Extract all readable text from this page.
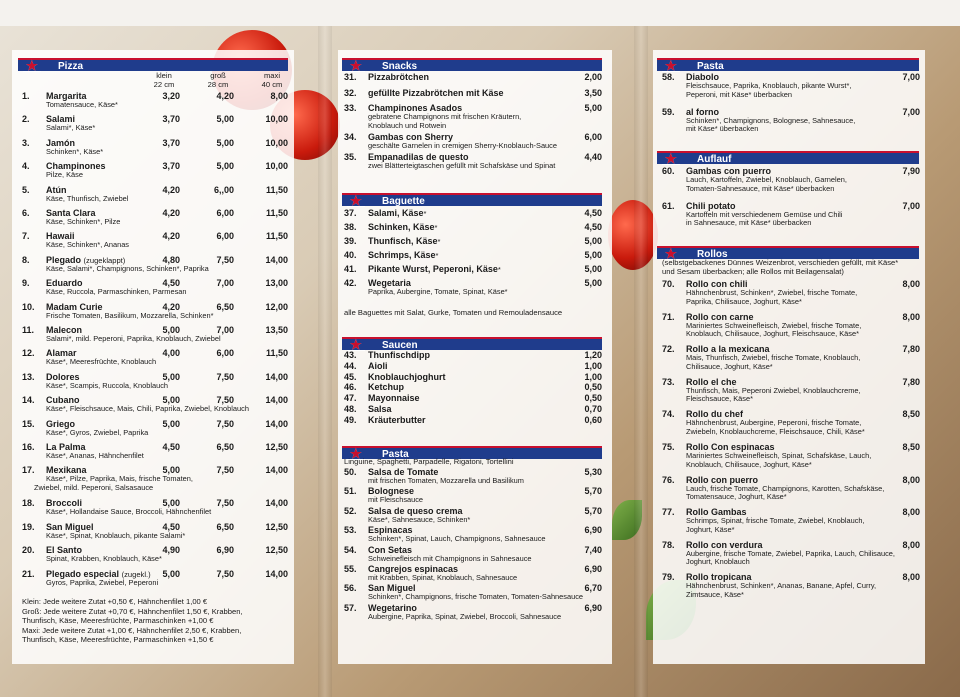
★ Pizza
klein
22 cm
groß
28 cm
maxi
40 cm
1. Margarita	3,20	4,20	8,00
Tomatensauce, Käse*
2. Salami	3,70	5,00	10,00
Salami*, Käse*
3. Jamón	3,70	5,00	10,00
Schinken*, Käse*
4. Champinones	3,70	5,00	10,00
Pilze, Käse
5. Atún	4,20	6,,00	11,50
Käse, Thunfisch, Zwiebel
6. Santa Clara	4,20	6,00	11,50
Käse, Schinken*, Pilze
7. Hawaii	4,20	6,00	11,50
Käse, Schinken*, Ananas
8. Plegado (zugeklappt)	4,80	7,50	14,00
Käse, Salami*, Champignons, Schinken*, Paprika
9. Eduardo	4,50	7,00	13,00
Käse, Ruccola, Parmaschinken, Parmesan
10. Madam Curie	4,20	6,50	12,00
Frische Tomaten, Basilikum, Mozzarella, Schinken*
11. Malecon	5,00	7,00	13,50
Salami*, mild. Peperoni, Paprika, Knoblauch, Zwiebel
12. Alamar	4,00	6,00	11,50
Käse*, Meeresfrüchte, Knoblauch
13. Dolores	5,00	7,50	14,00
Käse*, Scampis, Ruccola, Knoblauch
14. Cubano	5,00	7,50	14,00
Käse*, Fleischsauce, Mais, Chili, Paprika, Zwiebel, Knoblauch
15. Griego	5,00	7,50	14,00
Käse*, Gyros, Zwiebel, Paprika
16. La Palma	4,50	6,50	12,50
Käse*, Ananas, Hähnchenfilet
17. Mexikana	5,00	7,50	14,00
Käse*, Pilze, Paprika, Mais, frische Tomaten,
Zwiebel, mild. Peperoni, Salsasauce
18. Broccoli	5,00	7,50	14,00
Käse*, Hollandaise Sauce, Broccoli, Hähnchenfilet
19. San Miguel	4,50	6,50	12,50
Käse*, Spinat, Knoblauch, pikante Salami*
20. El Santo	4,90	6,90	12,50
Spinat, Krabben, Knoblauch, Käse*
21. Plegado especial (zugekl.)	5,00	7,50	14,00
Gyros, Paprika, Zwiebel, Peperoni
Klein: Jede weitere Zutat +0,50 €, Hähnchenfilet 1,00 €
Groß: Jede weitere Zutat +0,70 €, Hähnchenfilet 1,50 €, Krabben,
Thunfisch, Käse, Meeresfrüchte, Parmaschinken +1,00 €
Maxi: Jede weitere Zutat +1,00 €, Hähnchenfilet 2,50 €, Krabben,
Thunfisch, Käse, Meeresfrüchte, Parmaschinken +1,50 €
★ Snacks
31. Pizzabrötchen	2,00
32. gefüllte Pizzabrötchen mit Käse	3,50
33. Champinones Asados	5,00
gebratene Champignons mit frischen Kräutern,
Knoblauch und Rotwein
34. Gambas con Sherry	6,00
geschälte Garnelen in cremigen Sherry-Knoblauch-Sauce
35. Empanadilas de questo	4,40
zwei Blätterteigtaschen gefüllt mit Schafskäse und Spinat
★ Baguette
37. Salami, Käse*	4,50
38. Schinken, Käse*	4,50
39. Thunfisch, Käse*	5,00
40. Schrimps, Käse*	5,00
41. Pikante Wurst, Peperoni, Käse*	5,00
42. Wegetaria	5,00
Paprika, Aubergine, Tomate, Spinat, Käse*
alle Baguettes mit Salat, Gurke, Tomaten und Remouladensauce
★ Saucen
43. Thunfischdipp	1,20
44. Aioli	1,00
45. Knoblauchjoghurt	1,00
46. Ketchup	0,50
47. Mayonnaise	0,50
48. Salsa	0,70
49. Kräuterbutter	0,60
★ Pasta
Linguine, Spaghetti, Parpadelle, Rigatoni, Tortellini
50. Salsa de Tomate	5,30
mit frischen Tomaten, Mozzarella und Basilikum
51. Bolognese	5,70
mit Fleischsauce
52. Salsa de queso crema	5,70
Käse*, Sahnesauce, Schinken*
53. Espinacas	6,90
Schinken*, Spinat, Lauch, Champignons, Sahnesauce
54. Con Setas	7,40
Schweinefleisch mit Champignons in Sahnesauce
55. Cangrejos espinacas	6,90
mit Krabben, Spinat, Knoblauch, Sahnesauce
56. San Miguel	6,70
Schinken*, Champignons, frische Tomaten, Tomaten-Sahnesauce
57. Wegetarino	6,90
Aubergine, Paprika, Spinat, Zwiebel, Broccoli, Sahnesauce
★ Pasta
58. Diabolo	7,00
Fleischsauce, Paprika, Knoblauch, pikante Wurst*,
Peperoni, mit Käse* überbacken
59. al forno	7,00
Schinken*, Champignons, Bolognese, Sahnesauce,
mit Käse* überbacken
★ Auflauf
60. Gambas con puerro	7,90
Lauch, Kartoffeln, Zwiebel, Knoblauch, Garnelen,
Tomaten-Sahnesauce, mit Käse* überbacken
61. Chili potato	7,00
Kartoffeln mit verschiedenem Gemüse und Chili
in Sahnesauce, mit Käse* überbacken
★ Rollos
(selbstgebackenes Dünnes Weizenbrot, verschieden gefüllt, mit Käse*
und Sesam überbacken; alle Rollos mit Beilagensalat)
70. Rollo con chili	8,00
Hähnchenbrust, Schinken*, Zwiebel, frische Tomate,
Paprika, Chilisauce, Joghurt, Käse*
71. Rollo con carne	8,00
Mariniertes Schweinefleisch, Zwiebel, frische Tomate,
Knoblauch, Chilisauce, Joghurt, Fleischsauce, Käse*
72. Rollo a la mexicana	7,80
Mais, Thunfisch, Zwiebel, frische Tomate, Knoblauch,
Chilisauce, Joghurt, Käse*
73. Rollo el che	7,80
Thunfisch, Mais, Peperoni Zwiebel, Knoblauchcreme,
Fleischsauce, Käse*
74. Rollo du chef	8,50
Hähnchenbrust, Aubergine, Peperoni, frische Tomate,
Zwiebeln, Knoblauchcreme, Fleischsauce, Chili, Käse*
75. Rollo Con espinacas	8,50
Mariniertes Schweinefleisch, Spinat, Schafskäse, Lauch,
Knoblauch, Chilisauce, Joghurt, Käse*
76. Rollo con puerro	8,00
Lauch, frische Tomate, Champignons, Karotten, Schafskäse,
Tomatensauce, Joghurt, Käse*
77. Rollo Gambas	8,00
Schrimps, Spinat, frische Tomate, Zwiebel, Knoblauch,
Joghurt, Käse*
78. Rollo con verdura	8,00
Aubergine, frische Tomate, Zwiebel, Paprika, Lauch, Chilisauce,
Joghurt, Knoblauch
79. Rollo tropicana	8,00
Hähnchenbrust, Schinken*, Ananas, Banane, Apfel, Curry,
Zimtsauce, Käse*
